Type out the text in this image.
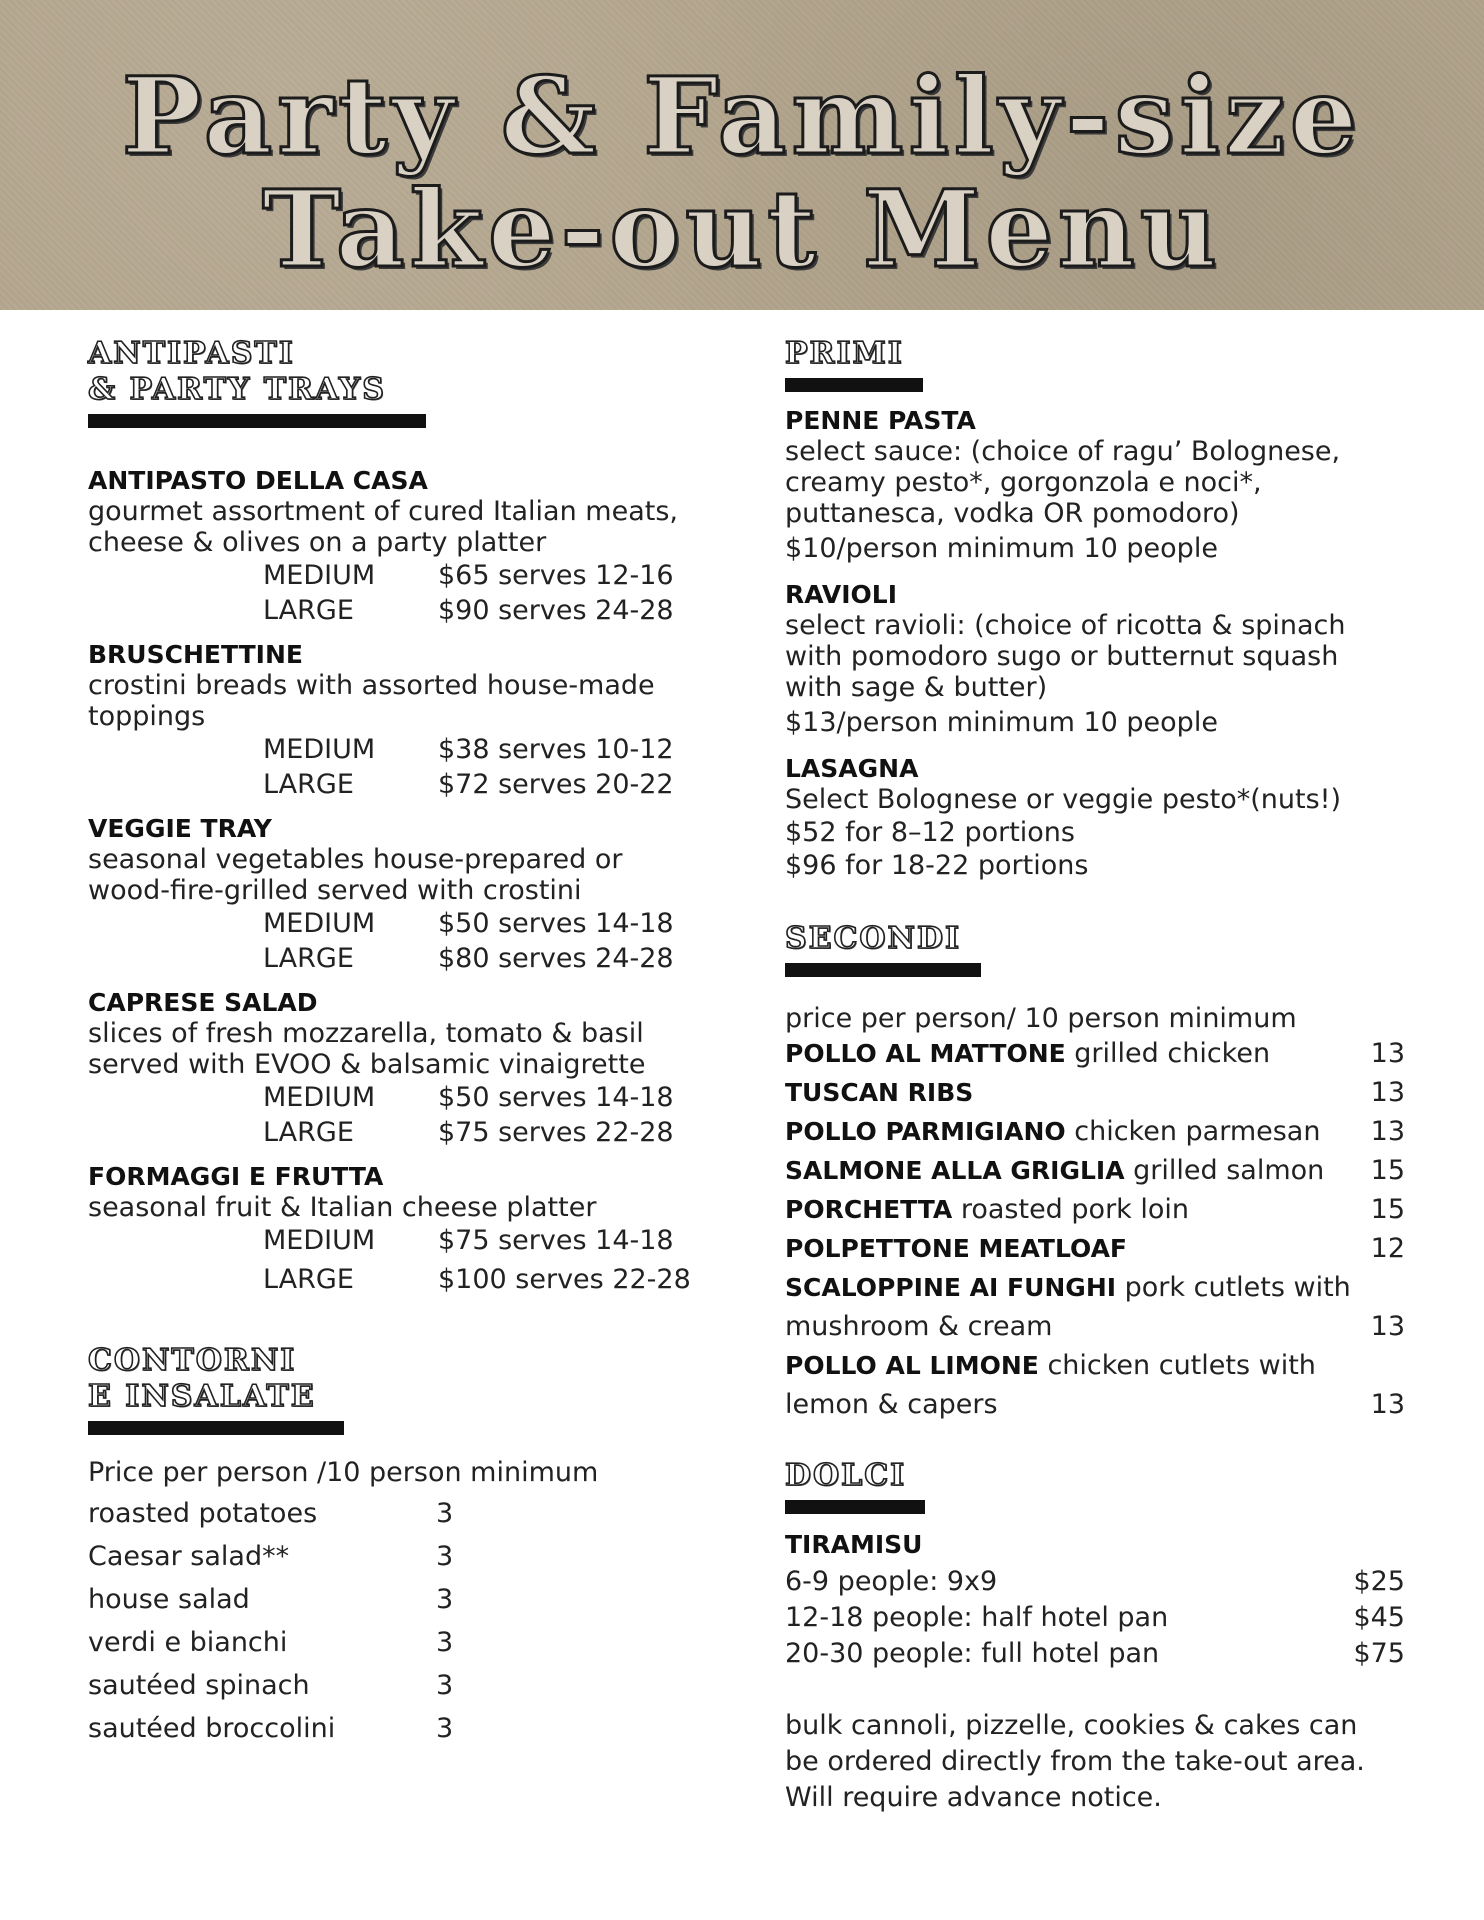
Party & Family-size
Take-out Menu
ANTIPASTI
& PARTY TRAYS
ANTIPASTO DELLA CASA
gourmet assortment of cured Italian meats,
cheese & olives on a party platter
MEDIUM	$65 serves 12-16
LARGE	$90 serves 24-28
BRUSCHETTINE
crostini breads with assorted house-made
toppings
MEDIUM	$38 serves 10-12
LARGE	$72 serves 20-22
VEGGIE TRAY
seasonal vegetables house-prepared or
wood-fire-grilled served with crostini
MEDIUM	$50 serves 14-18
LARGE	$80 serves 24-28
CAPRESE SALAD
slices of fresh mozzarella, tomato & basil
served with EVOO & balsamic vinaigrette
MEDIUM	$50 serves 14-18
LARGE	$75 serves 22-28
FORMAGGI E FRUTTA
seasonal fruit & Italian cheese platter
MEDIUM	$75 serves 14-18
LARGE	$100 serves 22-28
CONTORNI
E INSALATE
Price per person /10 person minimum
roasted potatoes	3
Caesar salad**	3
house salad	3
verdi e bianchi	3
sautéed spinach	3
sautéed broccolini	3
PRIMI
PENNE PASTA
select sauce: (choice of ragu’ Bolognese,
creamy pesto*, gorgonzola e noci*,
puttanesca, vodka OR pomodoro)
$10/person minimum 10 people
RAVIOLI
select ravioli: (choice of ricotta & spinach
with pomodoro sugo or butternut squash
with sage & butter)
$13/person minimum 10 people
LASAGNA
Select Bolognese or veggie pesto*(nuts!)
$52 for 8–12 portions
$96 for 18-22 portions
SECONDI
price per person/ 10 person minimum
POLLO AL MATTONE grilled chicken	13
TUSCAN RIBS	13
POLLO PARMIGIANO chicken parmesan 13
SALMONE ALLA GRIGLIA grilled salmon 15
PORCHETTA roasted pork loin	15
POLPETTONE MEATLOAF	12
SCALOPPINE AI FUNGHI pork cutlets with
mushroom & cream	13
POLLO AL LIMONE chicken cutlets with
lemon & capers	13
DOLCI
TIRAMISU
6-9 people: 9x9	$25
12-18 people: half hotel pan	$45
20-30 people: full hotel pan	$75
bulk cannoli, pizzelle, cookies & cakes can
be ordered directly from the take-out area.
Will require advance notice.
